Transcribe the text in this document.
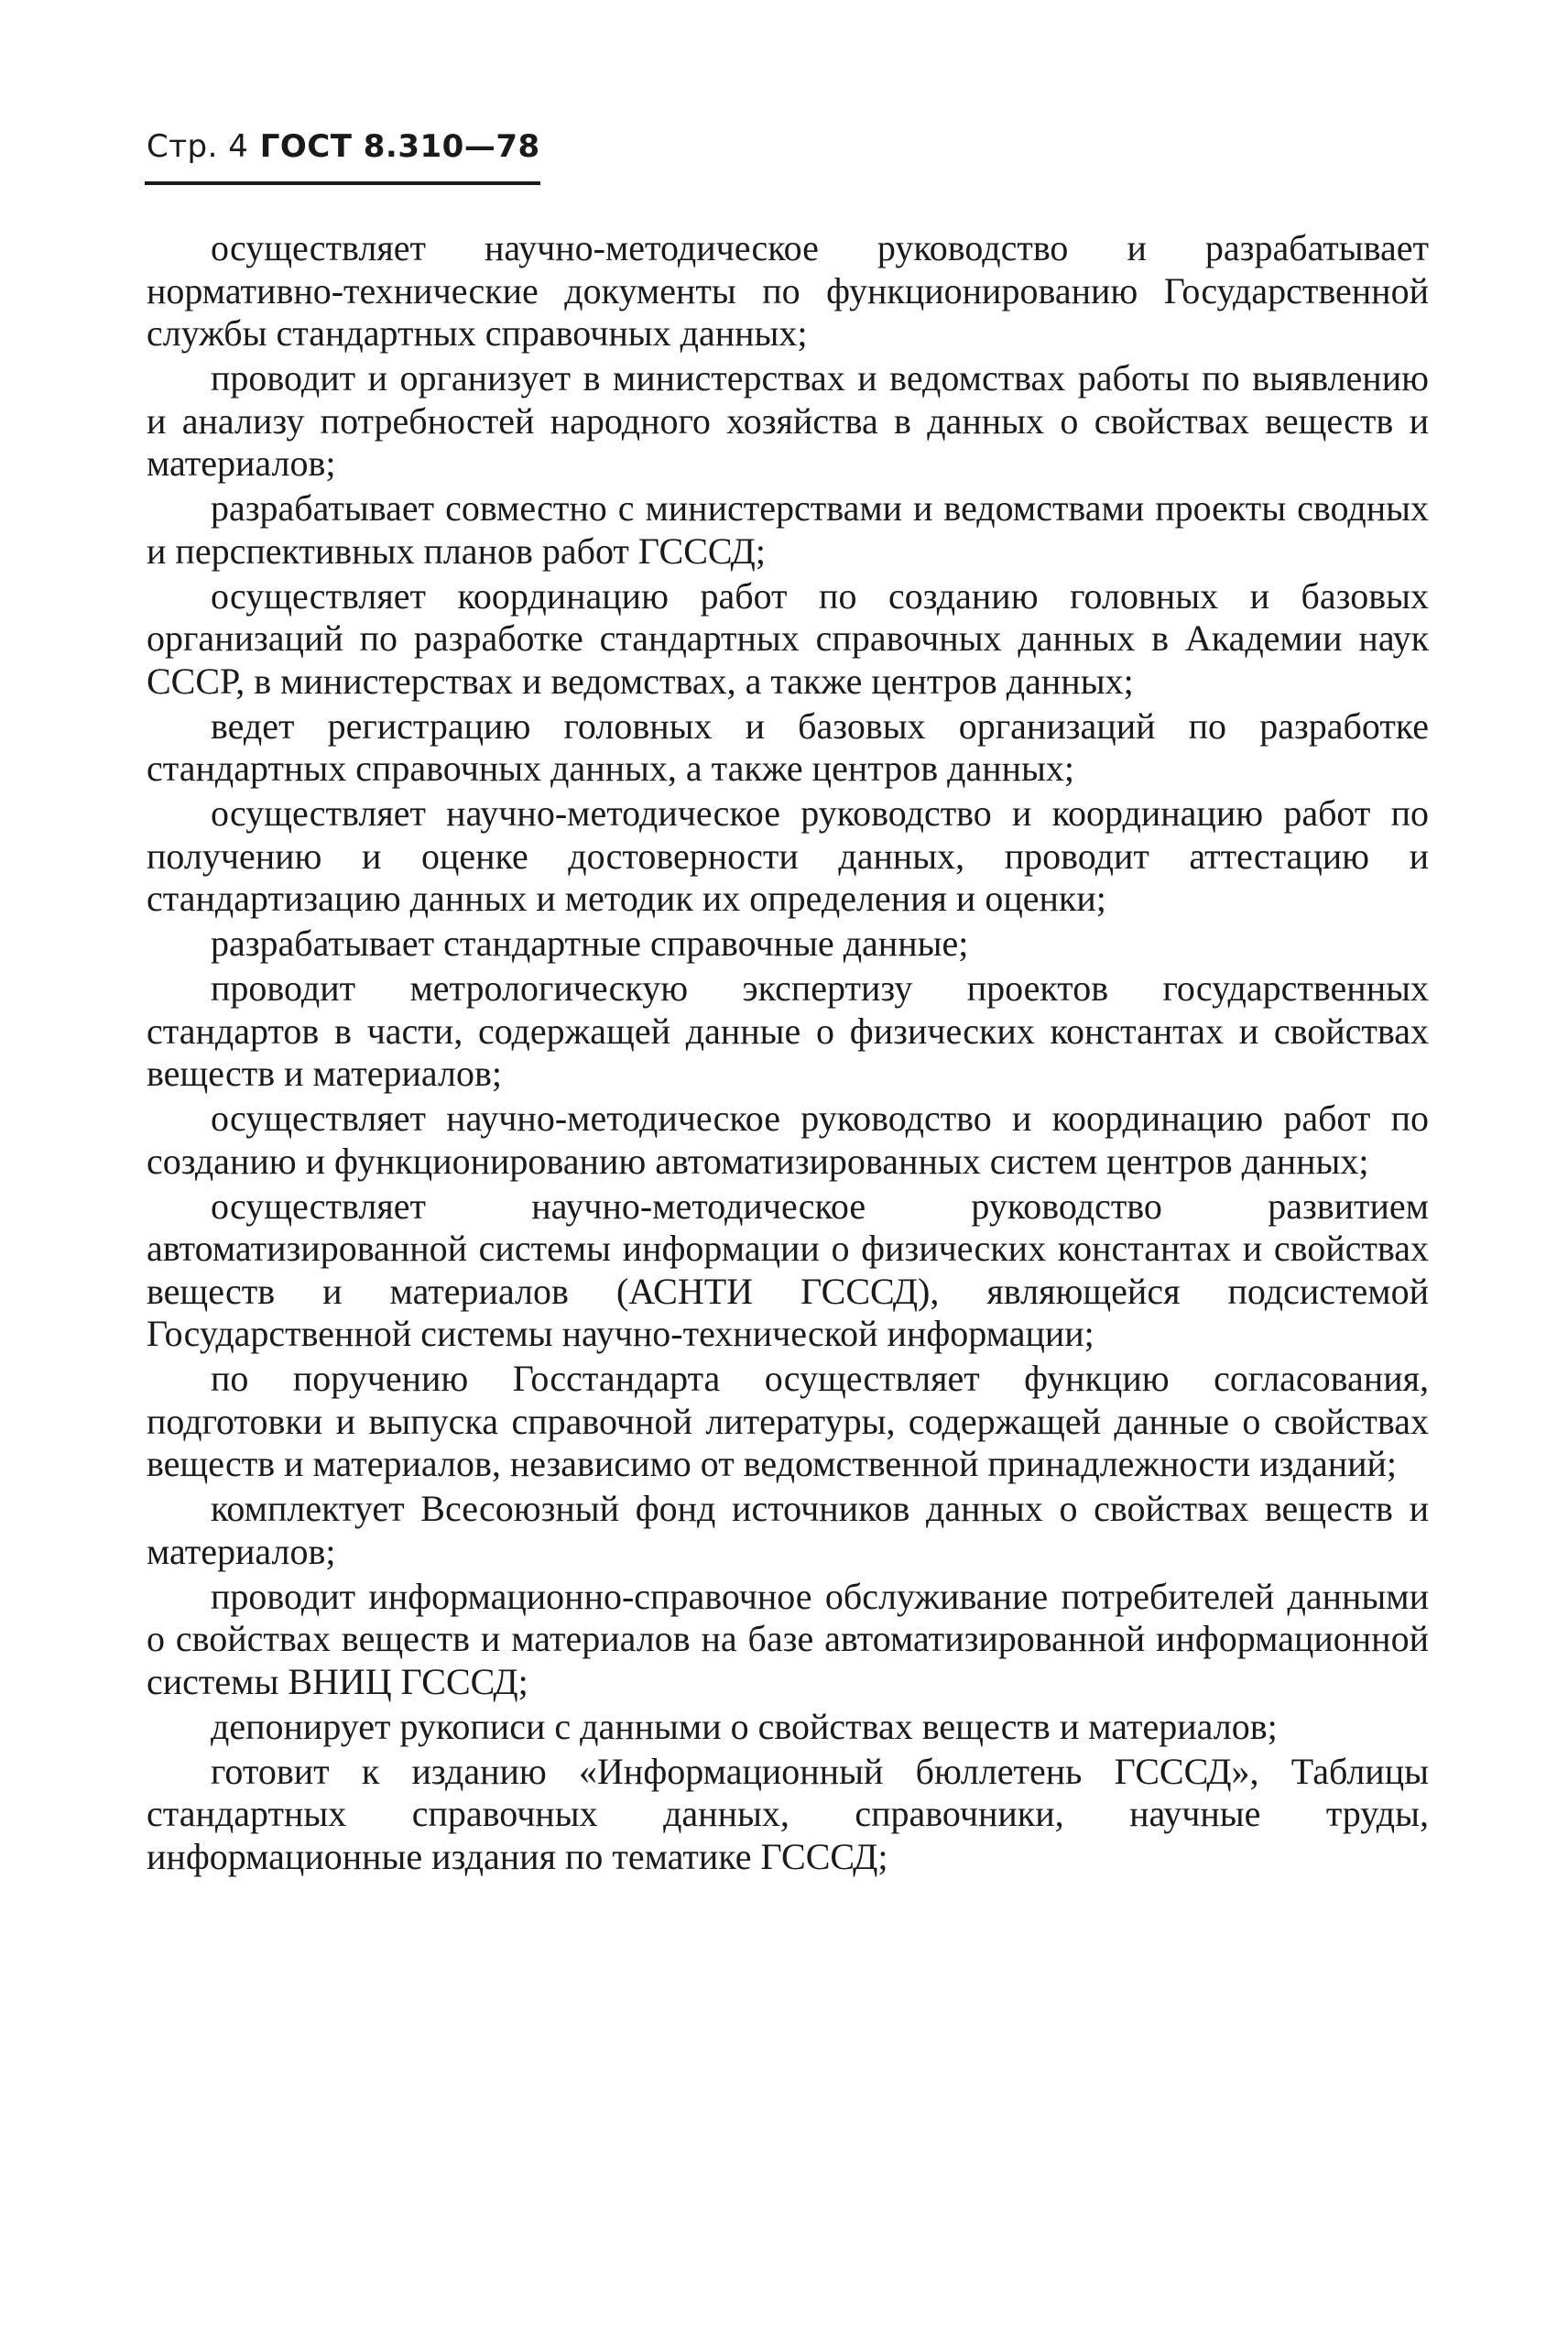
Стр. 4 ГОСТ 8.310—78

осуществляет научно-методическое руководство и разрабатывает нормативно-технические документы по функционированию Государственной службы стандартных справочных данных;

проводит и организует в министерствах и ведомствах работы по выявлению и анализу потребностей народного хозяйства в данных о свойствах веществ и материалов;

разрабатывает совместно с министерствами и ведомствами проекты сводных и перспективных планов работ ГСССД;

осуществляет координацию работ по созданию головных и базовых организаций по разработке стандартных справочных данных в Академии наук СССР, в министерствах и ведомствах, а также центров данных;

ведет регистрацию головных и базовых организаций по разработке стандартных справочных данных, а также центров данных;

осуществляет научно-методическое руководство и координацию работ по получению и оценке достоверности данных, проводит аттестацию и стандартизацию данных и методик их определения и оценки;

разрабатывает стандартные справочные данные;

проводит метрологическую экспертизу проектов государственных стандартов в части, содержащей данные о физических константах и свойствах веществ и материалов;

осуществляет научно-методическое руководство и координацию работ по созданию и функционированию автоматизированных систем центров данных;

осуществляет научно-методическое руководство развитием автоматизированной системы информации о физических константах и свойствах веществ и материалов (АСНТИ ГСССД), являющейся подсистемой Государственной системы научно-технической информации;

по поручению Госстандарта осуществляет функцию согласования, подготовки и выпуска справочной литературы, содержащей данные о свойствах веществ и материалов, независимо от ведомственной принадлежности изданий;

комплектует Всесоюзный фонд источников данных о свойствах веществ и материалов;

проводит информационно-справочное обслуживание потребителей данными о свойствах веществ и материалов на базе автоматизированной информационной системы ВНИЦ ГСССД;

депонирует рукописи с данными о свойствах веществ и материалов;

готовит к изданию «Информационный бюллетень ГСССД», Таблицы стандартных справочных данных, справочники, научные труды, информационные издания по тематике ГСССД;
